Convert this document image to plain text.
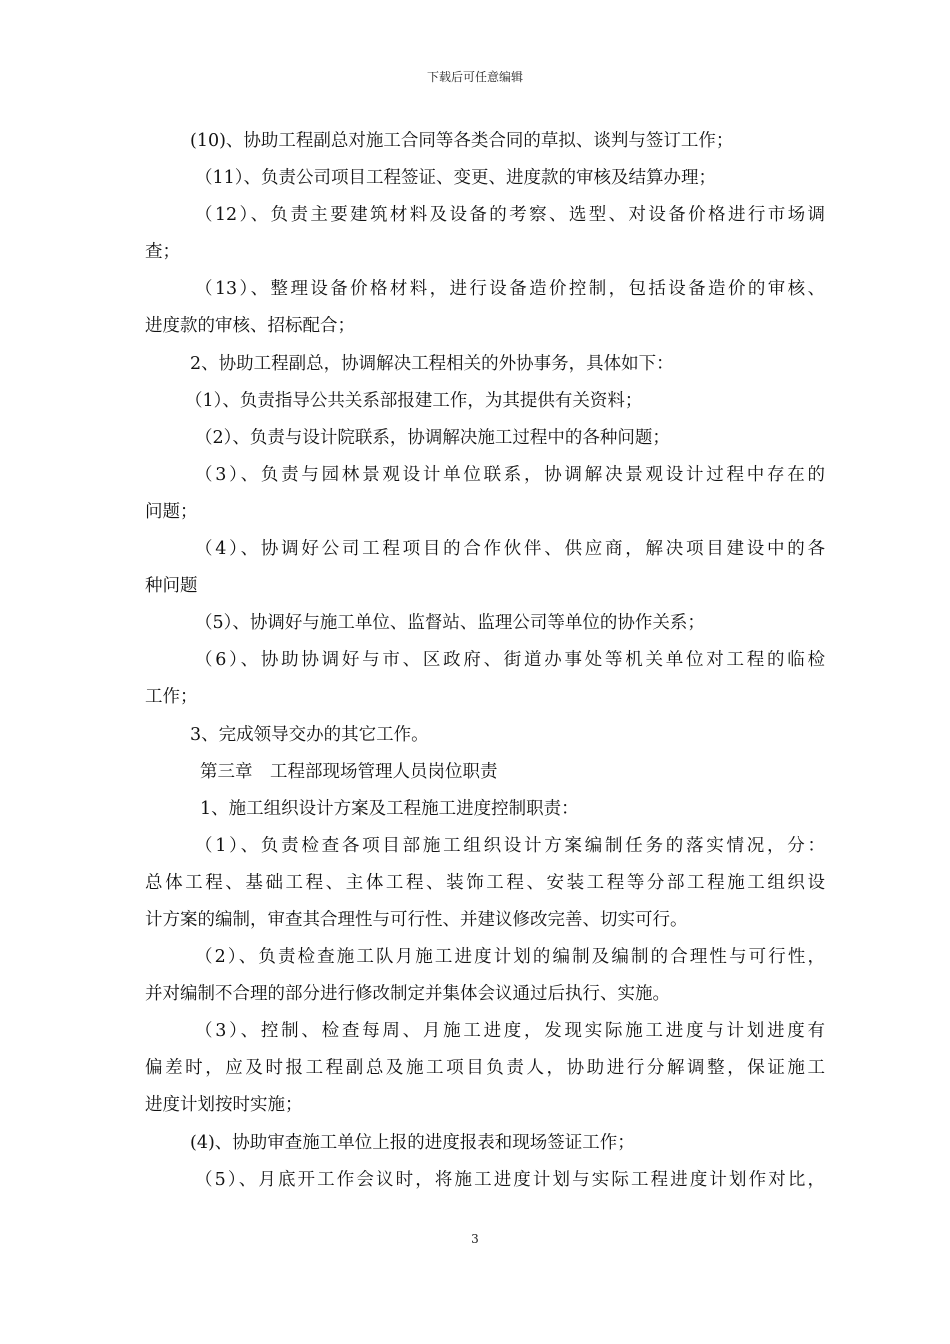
下载后可任意编辑
(10)、协助工程副总对施工合同等各类合同的草拟、谈判与签订工作；
（11）、负责公司项目工程签证、变更、进度款的审核及结算办理；
（12）、负责主要建筑材料及设备的考察、选型、对设备价格进行市场调
查；
（13）、整理设备价格材料，进行设备造价控制，包括设备造价的审核、
进度款的审核、招标配合；
2、协助工程副总，协调解决工程相关的外协事务，具体如下：
（1）、负责指导公共关系部报建工作，为其提供有关资料；
（2）、负责与设计院联系，协调解决施工过程中的各种问题；
（3）、负责与园林景观设计单位联系，协调解决景观设计过程中存在的
问题；
（4）、协调好公司工程项目的合作伙伴、供应商，解决项目建设中的各
种问题
（5）、协调好与施工单位、监督站、监理公司等单位的协作关系；
（6）、协助协调好与市、区政府、街道办事处等机关单位对工程的临检
工作；
3、完成领导交办的其它工作。
第三章　工程部现场管理人员岗位职责
1、施工组织设计方案及工程施工进度控制职责：
（1）、负责检查各项目部施工组织设计方案编制任务的落实情况，分：
总体工程、基础工程、主体工程、装饰工程、安装工程等分部工程施工组织设
计方案的编制，审查其合理性与可行性、并建议修改完善、切实可行。
（2）、负责检查施工队月施工进度计划的编制及编制的合理性与可行性，
并对编制不合理的部分进行修改制定并集体会议通过后执行、实施。
（3）、控制、检查每周、月施工进度，发现实际施工进度与计划进度有
偏差时，应及时报工程副总及施工项目负责人，协助进行分解调整，保证施工
进度计划按时实施；
(4)、协助审查施工单位上报的进度报表和现场签证工作；
（5）、月底开工作会议时，将施工进度计划与实际工程进度计划作对比，
3
